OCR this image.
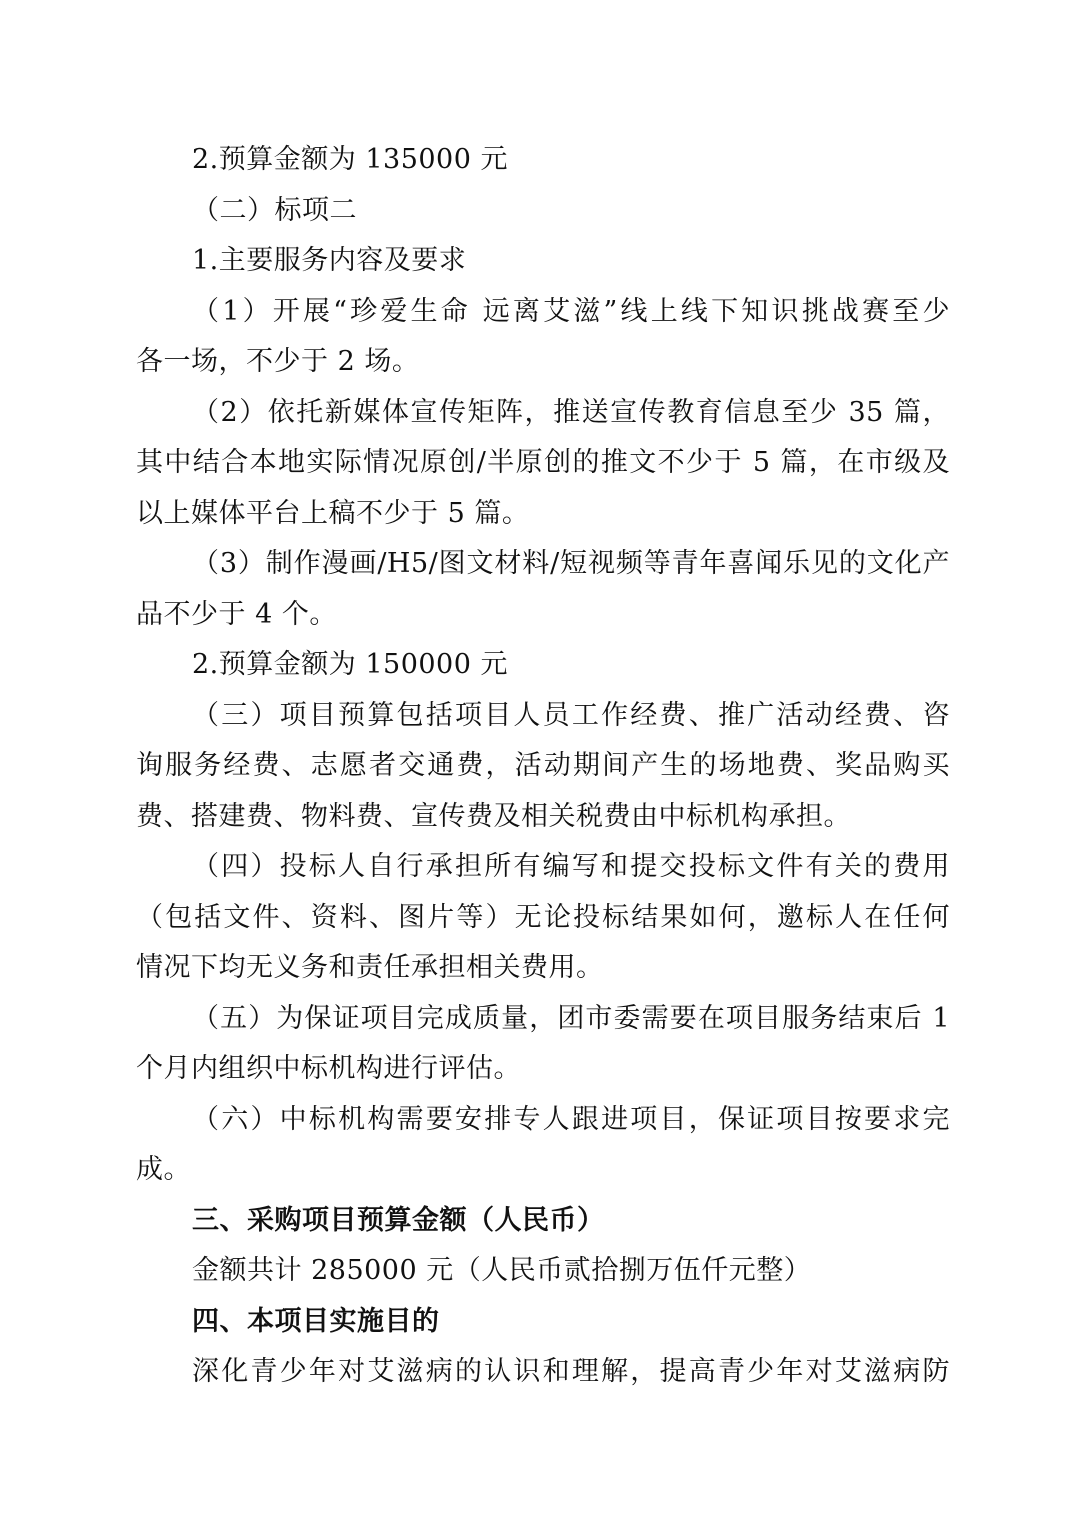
2.预算金额为 135000 元
（二）标项二
1.主要服务内容及要求
（1）开展“珍爱生命 远离艾滋”线上线下知识挑战赛至少
各一场，不少于 2 场。
（2）依托新媒体宣传矩阵，推送宣传教育信息至少 35 篇，
其中结合本地实际情况原创/半原创的推文不少于 5 篇，在市级及
以上媒体平台上稿不少于 5 篇。
（3）制作漫画/H5/图文材料/短视频等青年喜闻乐见的文化产
品不少于 4 个。
2.预算金额为 150000 元
（三）项目预算包括项目人员工作经费、推广活动经费、咨
询服务经费、志愿者交通费，活动期间产生的场地费、奖品购买
费、搭建费、物料费、宣传费及相关税费由中标机构承担。
（四）投标人自行承担所有编写和提交投标文件有关的费用
（包括文件、资料、图片等）无论投标结果如何，邀标人在任何
情况下均无义务和责任承担相关费用。
（五）为保证项目完成质量，团市委需要在项目服务结束后 1
个月内组织中标机构进行评估。
（六）中标机构需要安排专人跟进项目，保证项目按要求完
成。
三、采购项目预算金额（人民币）
金额共计 285000 元（人民币贰拾捌万伍仟元整）
四、本项目实施目的
深化青少年对艾滋病的认识和理解，提高青少年对艾滋病防
